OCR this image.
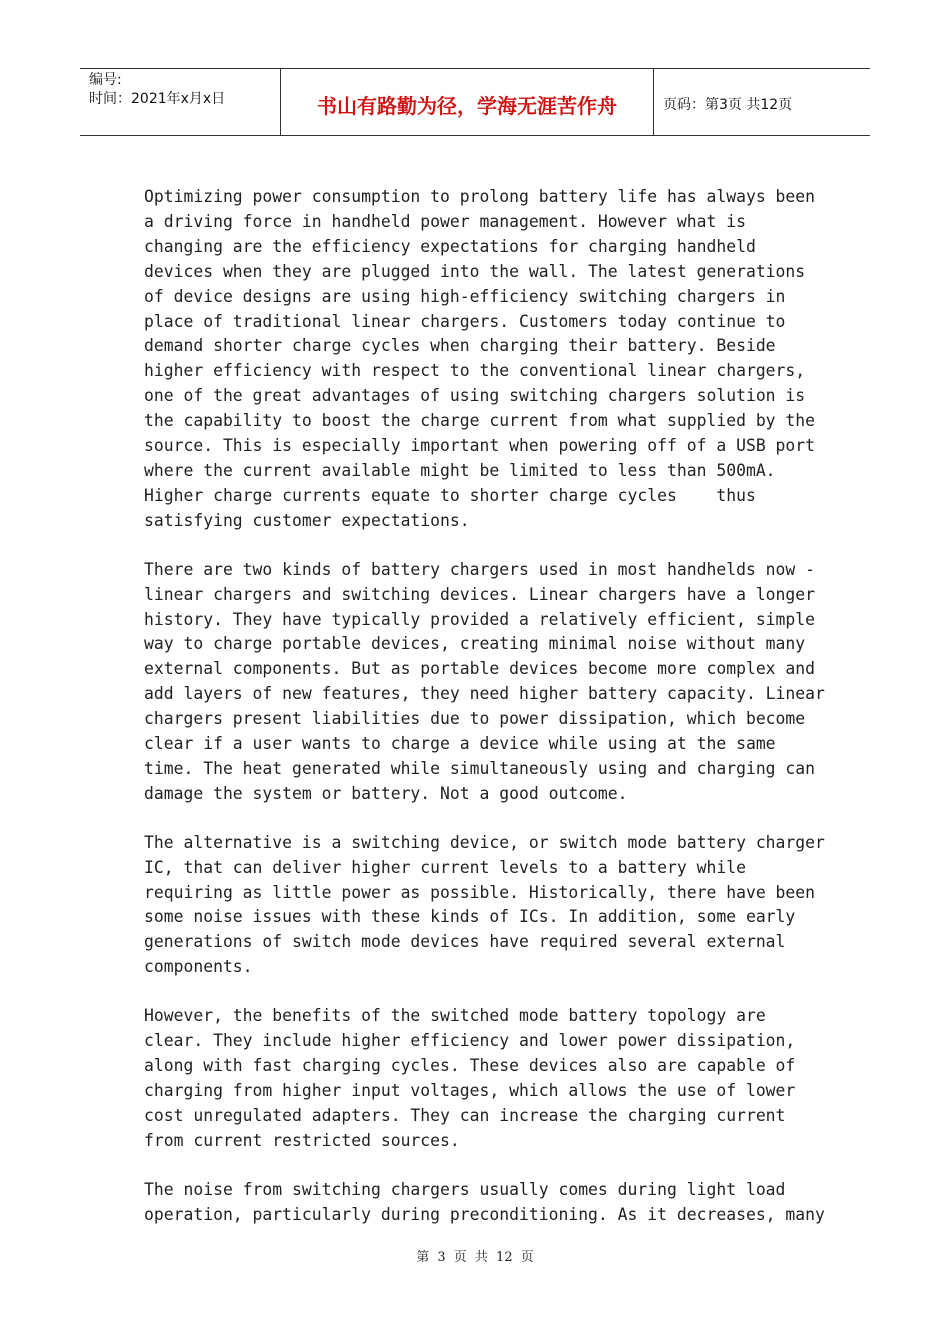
编号:
时间：2021年x月x日	书山有路勤为径，学海无涯苦作舟	页码：第3页 共12页

Optimizing power consumption to prolong battery life has always been
a driving force in handheld power management. However what is
changing are the efficiency expectations for charging handheld
devices when they are plugged into the wall. The latest generations
of device designs are using high-efficiency switching chargers in
place of traditional linear chargers. Customers today continue to
demand shorter charge cycles when charging their battery. Beside
higher efficiency with respect to the conventional linear chargers,
one of the great advantages of using switching chargers solution is
the capability to boost the charge current from what supplied by the
source. This is especially important when powering off of a USB port
where the current available might be limited to less than 500mA.
Higher charge currents equate to shorter charge cycles    thus
satisfying customer expectations.

There are two kinds of battery chargers used in most handhelds now -
linear chargers and switching devices. Linear chargers have a longer
history. They have typically provided a relatively efficient, simple
way to charge portable devices, creating minimal noise without many
external components. But as portable devices become more complex and
add layers of new features, they need higher battery capacity. Linear
chargers present liabilities due to power dissipation, which become
clear if a user wants to charge a device while using at the same
time. The heat generated while simultaneously using and charging can
damage the system or battery. Not a good outcome.

The alternative is a switching device, or switch mode battery charger
IC, that can deliver higher current levels to a battery while
requiring as little power as possible. Historically, there have been
some noise issues with these kinds of ICs. In addition, some early
generations of switch mode devices have required several external
components.

However, the benefits of the switched mode battery topology are
clear. They include higher efficiency and lower power dissipation,
along with fast charging cycles. These devices also are capable of
charging from higher input voltages, which allows the use of lower
cost unregulated adapters. They can increase the charging current
from current restricted sources.

The noise from switching chargers usually comes during light load
operation, particularly during preconditioning. As it decreases, many

第 3 页 共 12 页
